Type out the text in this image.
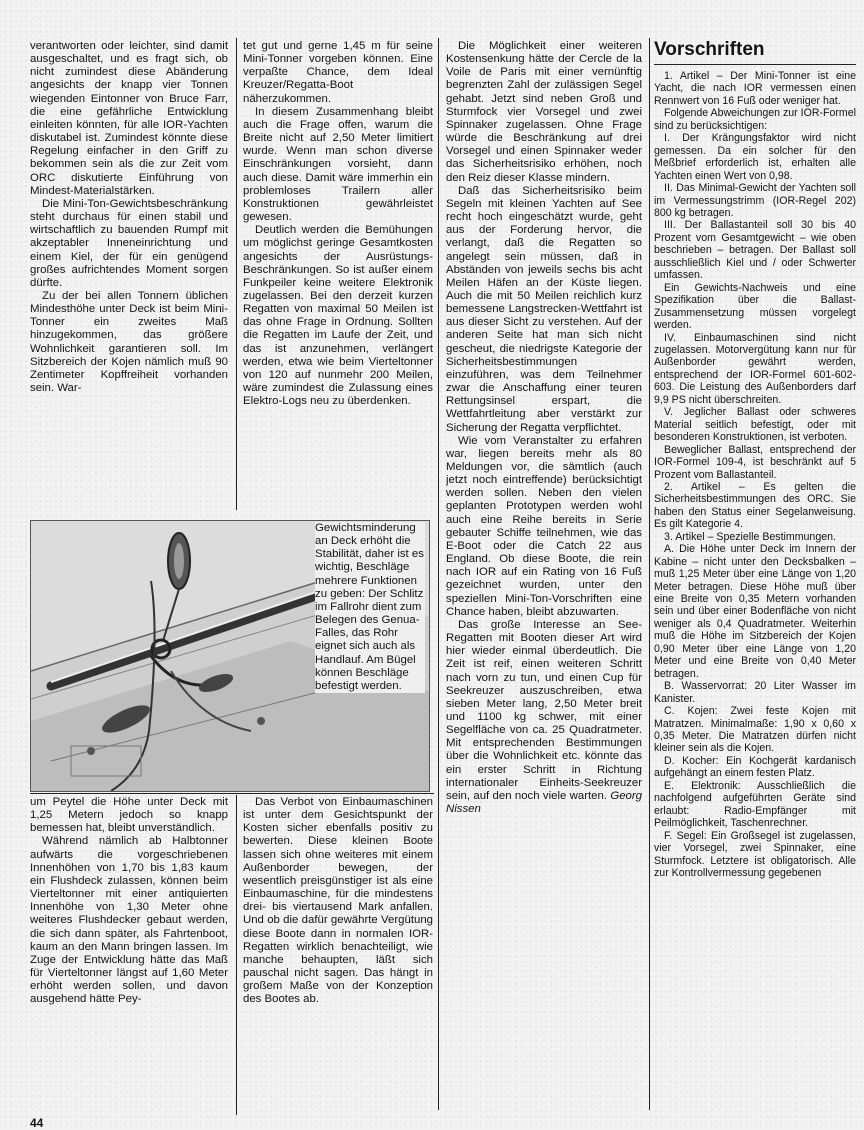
verantworten oder leichter, sind damit ausgeschaltet, und es fragt sich, ob nicht zumindest diese Abänderung angesichts der knapp vier Tonnen wiegenden Eintonner von Bruce Farr, die eine gefährliche Entwicklung einleiten könnten, für alle IOR-Yachten diskutabel ist. Zumindest könnte diese Regelung einfacher in den Griff zu bekommen sein als die zur Zeit vom ORC diskutierte Einführung von Mindest-Materialstärken.

Die Mini-Ton-Gewichtsbeschränkung steht durchaus für einen stabil und wirtschaftlich zu bauenden Rumpf mit akzeptabler Inneneinrichtung und einem Kiel, der für ein genügend großes aufrichtendes Moment sorgen dürfte.

Zu der bei allen Tonnern üblichen Mindesthöhe unter Deck ist beim Mini-Tonner ein zweites Maß hinzugekommen, das größere Wohnlichkeit garantieren soll. Im Sitzbereich der Kojen nämlich muß 90 Zentimeter Kopffreiheit vorhanden sein. War-

tet gut und gerne 1,45 m für seine Mini-Tonner vorgeben können. Eine verpaßte Chance, dem Ideal Kreuzer/Regatta-Boot näherzukommen.

In diesem Zusammenhang bleibt auch die Frage offen, warum die Breite nicht auf 2,50 Meter limitiert wurde. Wenn man schon diverse Einschränkungen vorsieht, dann auch diese. Damit wäre immerhin ein problemloses Trailern aller Konstruktionen gewährleistet gewesen.

Deutlich werden die Bemühungen um möglichst geringe Gesamtkosten angesichts der Ausrüstungs-Beschränkungen. So ist außer einem Funkpeiler keine weitere Elektronik zugelassen. Bei den derzeit kurzen Regatten von maximal 50 Meilen ist das ohne Frage in Ordnung. Sollten die Regatten im Laufe der Zeit, und das ist anzunehmen, verlängert werden, etwa wie beim Vierteltonner von 120 auf nunmehr 200 Meilen, wäre zumindest die Zulassung eines Elektro-Logs neu zu überdenken.

Die Möglichkeit einer weiteren Kostensenkung hätte der Cercle de la Voile de Paris mit einer vernünftig begrenzten Zahl der zulässigen Segel gehabt. Jetzt sind neben Groß und Sturmfock vier Vorsegel und zwei Spinnaker zugelassen. Ohne Frage würde die Beschränkung auf drei Vorsegel und einen Spinnaker weder das Sicherheitsrisiko erhöhen, noch den Reiz dieser Klasse mindern.

Daß das Sicherheitsrisiko beim Segeln mit kleinen Yachten auf See recht hoch eingeschätzt wurde, geht aus der Forderung hervor, die verlangt, daß die Regatten so angelegt sein müssen, daß in Abständen von jeweils sechs bis acht Meilen Häfen an der Küste liegen. Auch die mit 50 Meilen reichlich kurz bemessene Langstrecken-Wettfahrt ist aus dieser Sicht zu verstehen. Auf der anderen Seite hat man sich nicht gescheut, die niedrigste Kategorie der Sicherheitsbestimmungen einzuführen, was dem Teilnehmer zwar die Anschaffung einer teuren Rettungsinsel erspart, die Wettfahrtleitung aber verstärkt zur Sicherung der Regatta verpflichtet.

Wie vom Veranstalter zu erfahren war, liegen bereits mehr als 80 Meldungen vor, die sämtlich (auch jetzt noch eintreffende) berücksichtigt werden sollen. Neben den vielen geplanten Prototypen werden wohl auch eine Reihe bereits in Serie gebauter Schiffe teilnehmen, wie das E-Boot oder die Catch 22 aus England. Ob diese Boote, die rein nach IOR auf ein Rating von 16 Fuß gezeichnet wurden, unter den speziellen Mini-Ton-Vorschriften eine Chance haben, bleibt abzuwarten.

Das große Interesse an See-Regatten mit Booten dieser Art wird hier wieder einmal überdeutlich. Die Zeit ist reif, einen weiteren Schritt nach vorn zu tun, und einen Cup für Seekreuzer auszuschreiben, etwa sieben Meter lang, 2,50 Meter breit und 1100 kg schwer, mit einer Segelfläche von ca. 25 Quadratmeter. Mit entsprechenden Bestimmungen über die Wohnlichkeit etc. könnte das ein erster Schritt in Richtung internationaler Einheits-Seekreuzer sein, auf den noch viele warten. Georg Nissen

Vorschriften

1. Artikel – Der Mini-Tonner ist eine Yacht, die nach IOR vermessen einen Rennwert von 16 Fuß oder weniger hat.

Folgende Abweichungen zur IOR-Formel sind zu berücksichtigen:

I. Der Krängungsfaktor wird nicht gemessen. Da ein solcher für den Meßbrief erforderlich ist, erhalten alle Yachten einen Wert von 0,98.

II. Das Minimal-Gewicht der Yachten soll im Vermessungstrimm (IOR-Regel 202) 800 kg betragen.

III. Der Ballastanteil soll 30 bis 40 Prozent vom Gesamtgewicht – wie oben beschrieben – betragen. Der Ballast soll ausschließlich Kiel und / oder Schwerter umfassen.

Ein Gewichts-Nachweis und eine Spezifikation über die Ballast-Zusammensetzung müssen vorgelegt werden.

IV. Einbaumaschinen sind nicht zugelassen. Motorvergütung kann nur für Außenborder gewährt werden, entsprechend der IOR-Formel 601-602-603. Die Leistung des Außenborders darf 9,9 PS nicht überschreiten.

V. Jeglicher Ballast oder schweres Material seitlich befestigt, oder mit besonderen Konstruktionen, ist verboten.

Beweglicher Ballast, entsprechend der IOR-Formel 109-4, ist beschränkt auf 5 Prozent vom Ballastanteil.

2. Artikel – Es gelten die Sicherheitsbestimmungen des ORC. Sie haben den Status einer Segelanweisung. Es gilt Kategorie 4.

3. Artikel – Spezielle Bestimmungen.

A. Die Höhe unter Deck im Innern der Kabine – nicht unter den Decksbalken – muß 1,25 Meter über eine Länge von 1,20 Meter betragen. Diese Höhe muß über eine Breite von 0,35 Metern vorhanden sein und über einer Bodenfläche von nicht weniger als 0,4 Quadratmeter. Weiterhin muß die Höhe im Sitzbereich der Kojen 0,90 Meter über eine Länge von 1,20 Meter und eine Breite von 0,40 Meter betragen.

B. Wasservorrat: 20 Liter Wasser im Kanister.

C. Kojen: Zwei feste Kojen mit Matratzen. Minimalmaße: 1,90 x 0,60 x 0,35 Meter. Die Matratzen dürfen nicht kleiner sein als die Kojen.

D. Kocher: Ein Kochgerät kardanisch aufgehängt an einem festen Platz.

E. Elektronik: Ausschließlich die nachfolgend aufgeführten Geräte sind erlaubt: Radio-Empfänger mit Peilmöglichkeit, Taschenrechner.

F. Segel: Ein Großsegel ist zugelassen, vier Vorsegel, zwei Spinnaker, eine Sturmfock. Letztere ist obligatorisch. Alle zur Kontrollvermessung gegebenen

Gewichtsminderung an Deck erhöht die Stabilität, daher ist es wichtig, Beschläge mehrere Funktionen zu geben: Der Schlitz im Fallrohr dient zum Belegen des Genua-Falles, das Rohr eignet sich auch als Handlauf. Am Bügel können Beschläge befestigt werden.

um Peytel die Höhe unter Deck mit 1,25 Metern jedoch so knapp bemessen hat, bleibt unverständlich.

Während nämlich ab Halbtonner aufwärts die vorgeschriebenen Innenhöhen von 1,70 bis 1,83 kaum ein Flushdeck zulassen, können beim Vierteltonner mit einer antiquierten Innenhöhe von 1,30 Meter ohne weiteres Flushdecker gebaut werden, die sich dann später, als Fahrtenboot, kaum an den Mann bringen lassen. Im Zuge der Entwicklung hätte das Maß für Vierteltonner längst auf 1,60 Meter erhöht werden sollen, und davon ausgehend hätte Pey-

Das Verbot von Einbaumaschinen ist unter dem Gesichtspunkt der Kosten sicher ebenfalls positiv zu bewerten. Diese kleinen Boote lassen sich ohne weiteres mit einem Außenborder bewegen, der wesentlich preisgünstiger ist als eine Einbaumaschine, für die mindestens drei- bis viertausend Mark anfallen. Und ob die dafür gewährte Vergütung diese Boote dann in normalen IOR-Regatten wirklich benachteiligt, wie manche behaupten, läßt sich pauschal nicht sagen. Das hängt in großem Maße von der Konzeption des Bootes ab.

44
